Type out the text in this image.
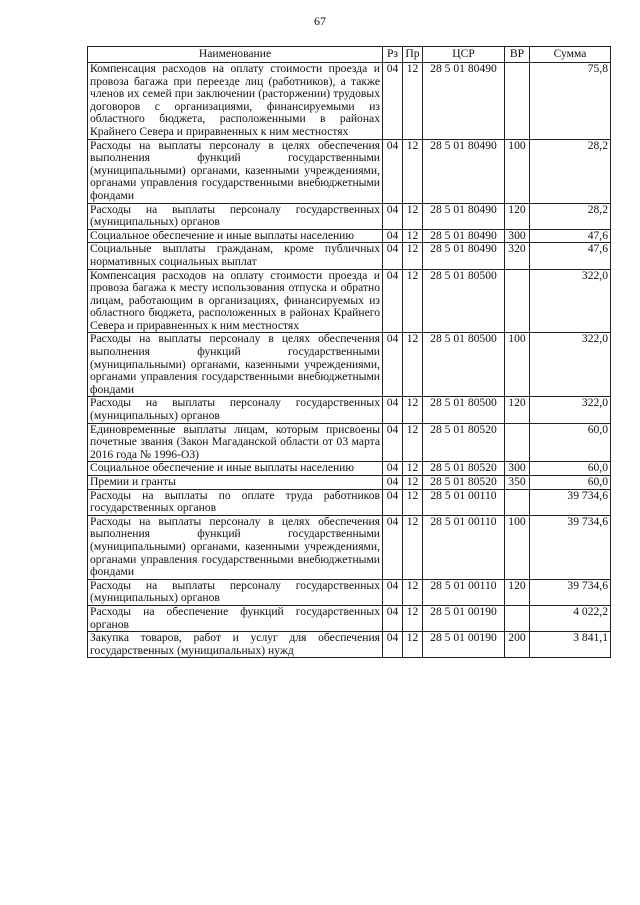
67
Наименование	Рз	Пр	ЦСР	ВР	Сумма
Компенсация расходов на оплату стоимости проезда и провоза багажа при переезде лиц (работников), а также членов их семей при заключении (расторжении) трудовых договоров с организациями, финансируемыми из областного бюджета, расположенными в районах Крайнего Севера и приравненных к ним местностях	04	12	28 5 01 80490		75,8
Расходы на выплаты персоналу в целях обеспечения выполнения функций государственными (муниципальными) органами, казенными учреждениями, органами управления государственными внебюджетными фондами	04	12	28 5 01 80490	100	28,2
Расходы на выплаты персоналу государственных (муниципальных) органов	04	12	28 5 01 80490	120	28,2
Социальное обеспечение и иные выплаты населению	04	12	28 5 01 80490	300	47,6
Социальные выплаты гражданам, кроме публичных нормативных социальных выплат	04	12	28 5 01 80490	320	47,6
Компенсация расходов на оплату стоимости проезда и провоза багажа к месту использования отпуска и обратно лицам, работающим в организациях, финансируемых из областного бюджета, расположенных в районах Крайнего Севера и приравненных к ним местностях	04	12	28 5 01 80500		322,0
Расходы на выплаты персоналу в целях обеспечения выполнения функций государственными (муниципальными) органами, казенными учреждениями, органами управления государственными внебюджетными фондами	04	12	28 5 01 80500	100	322,0
Расходы на выплаты персоналу государственных (муниципальных) органов	04	12	28 5 01 80500	120	322,0
Единовременные выплаты лицам, которым присвоены почетные звания (Закон Магаданской области от 03 марта 2016 года № 1996-ОЗ)	04	12	28 5 01 80520		60,0
Социальное обеспечение и иные выплаты населению	04	12	28 5 01 80520	300	60,0
Премии и гранты	04	12	28 5 01 80520	350	60,0
Расходы на выплаты по оплате труда работников государственных органов	04	12	28 5 01 00110		39 734,6
Расходы на выплаты персоналу в целях обеспечения выполнения функций государственными (муниципальными) органами, казенными учреждениями, органами управления государственными внебюджетными фондами	04	12	28 5 01 00110	100	39 734,6
Расходы на выплаты персоналу государственных (муниципальных) органов	04	12	28 5 01 00110	120	39 734,6
Расходы на обеспечение функций государственных органов	04	12	28 5 01 00190		4 022,2
Закупка товаров, работ и услуг для обеспечения государственных (муниципальных) нужд	04	12	28 5 01 00190	200	3 841,1
